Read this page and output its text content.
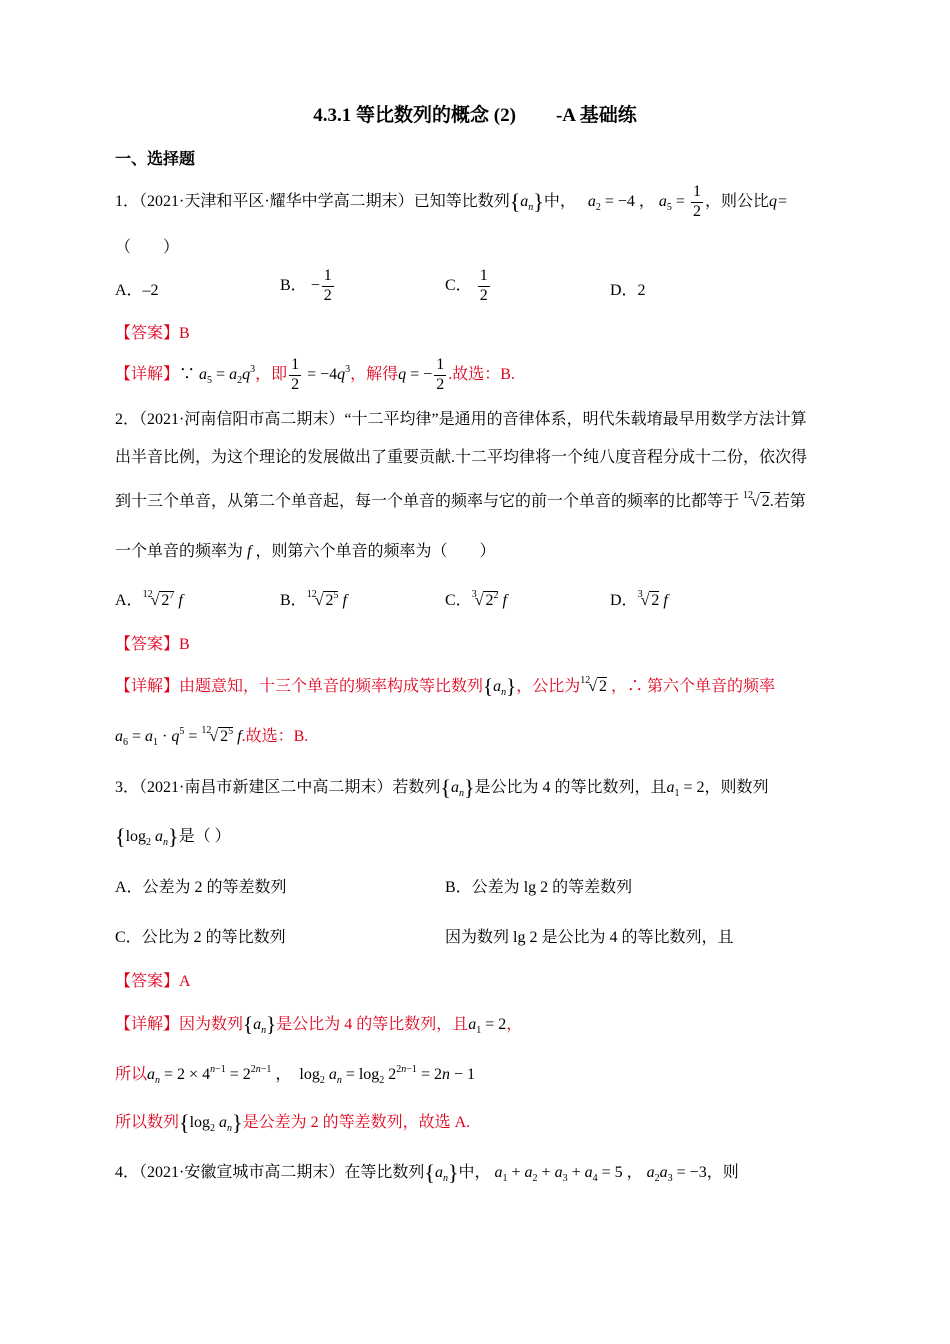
4.3.1 等比数列的概念 (2) -A 基础练
一、选择题
1．（2021·天津和平区·耀华中学高二期末）已知等比数列$\{a_n\}$中， $a_2 = -4$ ， $a_5 = \frac{1}{2}$ ，则公比q=
（　　）
A．–2	B． − $\frac{1}{2}$	C． $\frac{1}{2}$	D．2
【答案】B
【详解】∵ $a_5 = a_2q^3$，即 $\frac{1}{2} = -4q^3$，解得q = − $\frac{1}{2}$ .故选：B.
2．（2021·河南信阳市高二期末）“十二平均律”是通用的音律体系，明代朱载堉最早用数学方法计算
出半音比例，为这个理论的发展做出了重要贡献.十二平均律将一个纯八度音程分成十二份，依次得
到十三个单音，从第二个单音起，每一个单音的频率与它的前一个单音的频率的比都等于 $^{12}$√ 2.若第
一个单音的频率为 f ，则第六个单音的频率为（　　）
A．$^{12}$√ $2^7$ f	B．$^{12}$√ $2^5$ f	C．$^3$√ $2^2$ f	D．$^3$√ 2 f
【答案】B
【详解】由题意知，十三个单音的频率构成等比数列$\{a_n\}$，公比为$^{12}$√ 2 ，∴ 第六个单音的频率
$a_6 = a_1 \cdot q^5 = ^{12}√$ $2^5$ f.故选：B.
3．（2021·南昌市新建区二中高二期末）若数列$\{a_n\}$是公比为 4 的等比数列，且$a_1 = 2$，则数列
{$\log_2$ $a_n$}是（ ）
A．公差为 2 的等差数列	B．公差为 lg 2 的等差数列
C．公比为 2 的等比数列	因为数列 lg 2 是公比为 4 的等比数列，且
【答案】A
【详解】因为数列$\{a_n\}$是公比为 4 的等比数列，且$a_1 = 2$，
所以$a_n = 2 \times 4^{n-1} = 2^{2n-1}$ ，  $\log_2 a_n = \log_2 2^{2n-1} = 2n - 1$
所以数列{$\log_2$ $a_n$}是公差为 2 的等差数列，故选 A.
4．（2021·安徽宣城市高二期末）在等比数列$\{a_n\}$中， $a_1 + a_2 + a_3 + a_4 = 5$ ， $a_2a_3 = -3$，则
